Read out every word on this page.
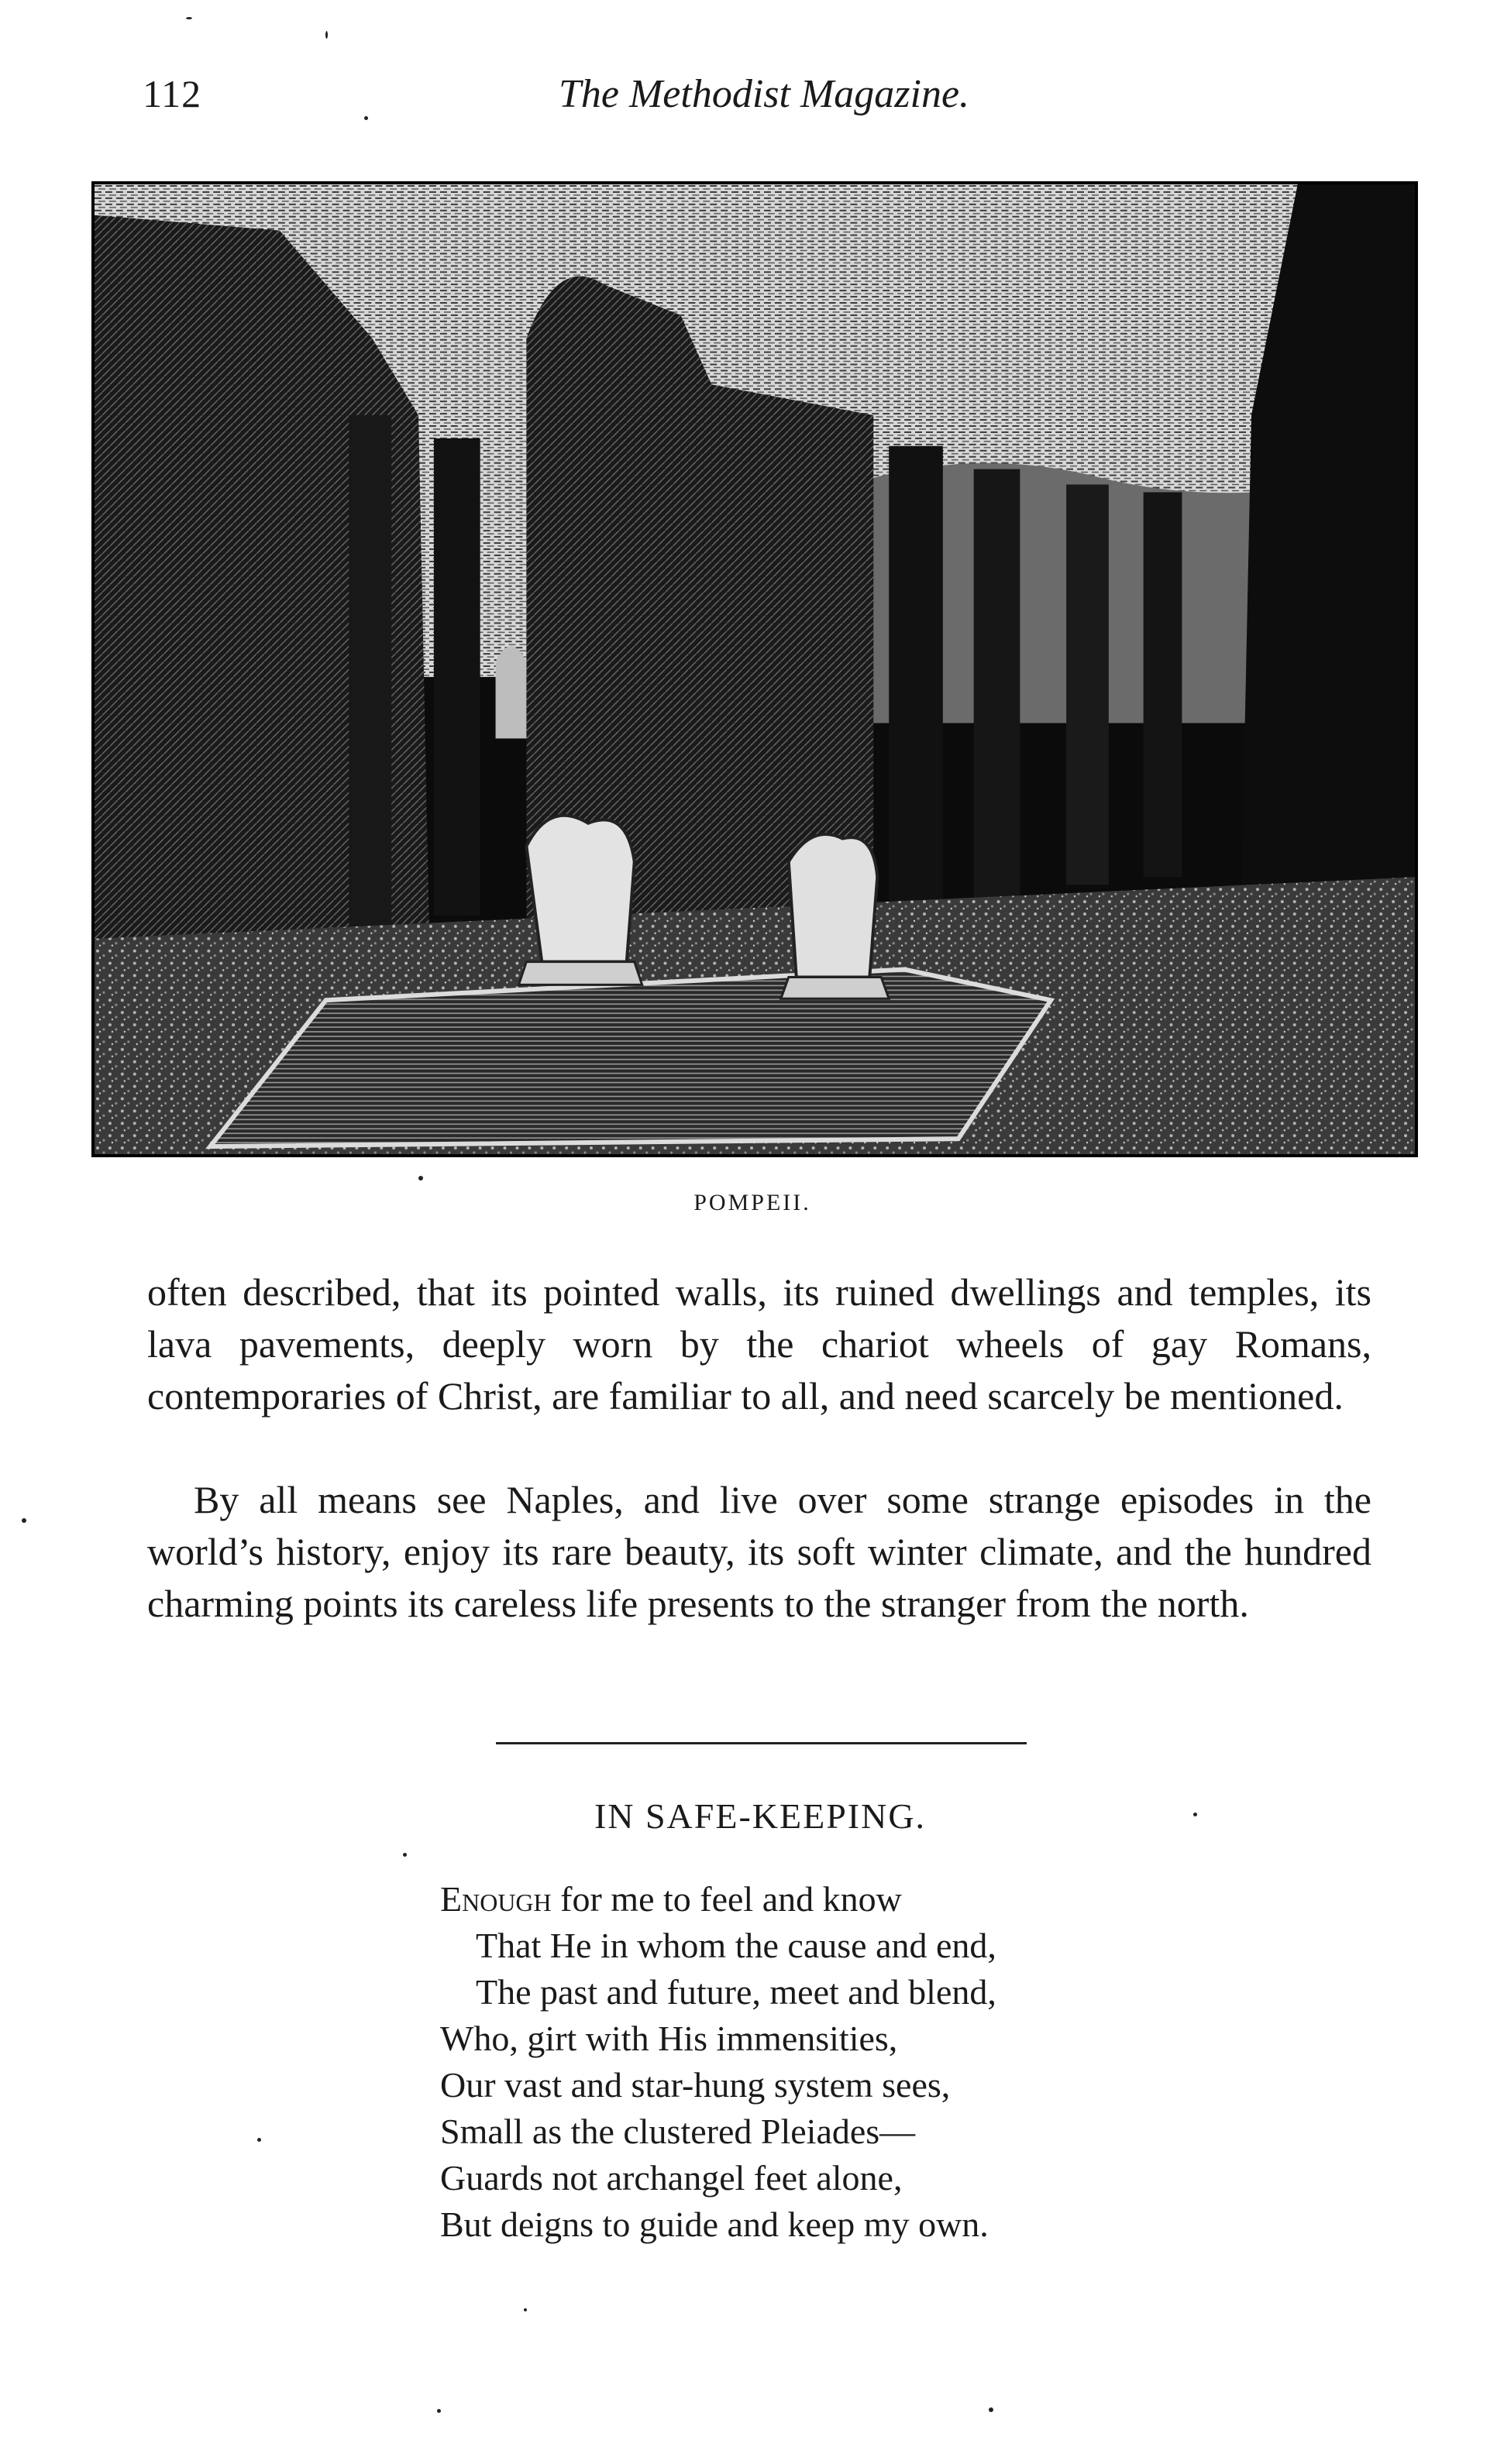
112	The Methodist Magazine.
POMPEII.

often described, that its pointed walls, its ruined dwellings and temples, its lava pavements, deeply worn by the chariot wheels of gay Romans, contemporaries of Christ, are familiar to all, and need scarcely be mentioned.

By all means see Naples, and live over some strange episodes in the world’s history, enjoy its rare beauty, its soft winter climate, and the hundred charming points its careless life presents to the stranger from the north.

IN SAFE-KEEPING.
Enough for me to feel and know
That He in whom the cause and end,
The past and future, meet and blend,
Who, girt with His immensities,
Our vast and star-hung system sees,
Small as the clustered Pleiades—
Guards not archangel feet alone,
But deigns to guide and keep my own.
